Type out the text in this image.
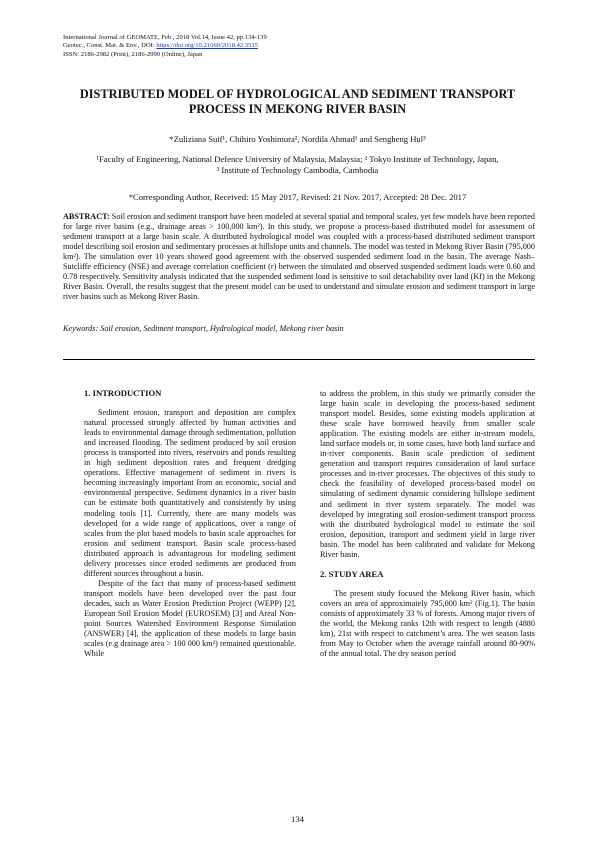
International Journal of GEOMATE, Feb., 2018 Vol.14, Issue 42, pp.134-139
Geotec., Const. Mat. & Env., DOI: https://doi.org/10.21660/2018.42.3515
ISSN: 2186-2982 (Print), 2186-2990 (Online), Japan
DISTRIBUTED MODEL OF HYDROLOGICAL AND SEDIMENT TRANSPORT PROCESS IN MEKONG RIVER BASIN
*Zuliziana Suif¹, Chihiro Yoshimura², Nordila Ahmad¹ and Sengheng Hul³
¹Faculty of Engineering, National Defence University of Malaysia, Malaysia; ² Tokyo Institute of Technology, Japan, ³ Institute of Technology Cambodia, Cambodia
*Corresponding Author, Received: 15 May 2017, Revised: 21 Nov. 2017, Accepted: 28 Dec. 2017
ABSTRACT: Soil erosion and sediment transport have been modeled at several spatial and temporal scales, yet few models have been reported for large river basins (e.g., drainage areas > 100,000 km²). In this study, we propose a process-based distributed model for assessment of sediment transport at a large basin scale. A distributed hydrological model was coupled with a process-based distributed sediment transport model describing soil erosion and sedimentary processes at hillslope units and channels. The model was tested in Mekong River Basin (795,000 km²). The simulation over 10 years showed good agreement with the observed suspended sediment load in the basin. The average Nash–Sutcliffe efficiency (NSE) and average correlation coefficient (r) between the simulated and observed suspended sediment loads were 0.60 and 0.78 respectively. Sensitivity analysis indicated that the suspended sediment load is sensitive to soil detachability over land (Kf) in the Mekong River Basin. Overall, the results suggest that the present model can be used to understand and simulate erosion and sediment transport in large river basins such as Mekong River Basin.
Keywords: Soil erosion, Sediment transport, Hydrological model, Mekong river basin
1. INTRODUCTION

Sediment erosion, transport and deposition are complex natural processed strongly affected by human activities and leads to environmental damage through sedimentation, pollution and increased flooding. The sediment produced by soil erosion process is transported into rivers, reservoirs and ponds resulting in high sediment deposition rates and frequent dredging operations. Effective management of sediment in rivers is becoming increasingly important from an economic, social and environmental perspective. Sediment dynamics in a river basin can be estimate both quantitatively and consistently by using modeling tools [1]. Currently, there are many models was developed for a wide range of applications, over a range of scales from the plot based models to basin scale approaches for erosion and sediment transport. Basin scale process-based distributed approach is advantageous for modeling sediment delivery processes since eroded sediments are produced from different sources throughout a basin.

Despite of the fact that many of process-based sediment transport models have been developed over the past four decades, such as Water Erosion Prediction Project (WEPP) [2], European Soil Erosion Model (EUROSEM) [3] and Areal Non-point Sources Watershed Environment Response Simulation (ANSWER) [4], the application of these models to large basin scales (e.g drainage area > 100 000 km²) remained questionable. While

to address the problem, in this study we primarily consider the large basin scale in developing the process-based sediment transport model. Besides, some existing models application at these scale have borrowed heavily from smaller scale application. The existing models are either in-stream models, land surface models or, in some cases, have both land surface and in-river components. Basin scale prediction of sediment generation and transport requires consideration of land surface processes and in-river processes. The objectives of this study to check the feasibility of developed process-based model on simulating of sediment dynamic considering hillslope sediment and sediment in river system separately. The model was developed by integrating soil erosion-sediment transport process with the distributed hydrological model to estimate the soil erosion, deposition, transport and sediment yield in large river basin. The model has been calibrated and validate for Mekong River basin.

2. STUDY AREA

The present study focused the Mekong River basin, which covers an area of approximately 795,000 km² (Fig.1). The basin consists of approximately 33 % of forests. Among major rivers of the world, the Mekong ranks 12th with respect to length (4880 km), 21st with respect to catchment’s area. The wet season lasts from May to October when the average rainfall around 80-90% of the annual total. The dry season period

134
